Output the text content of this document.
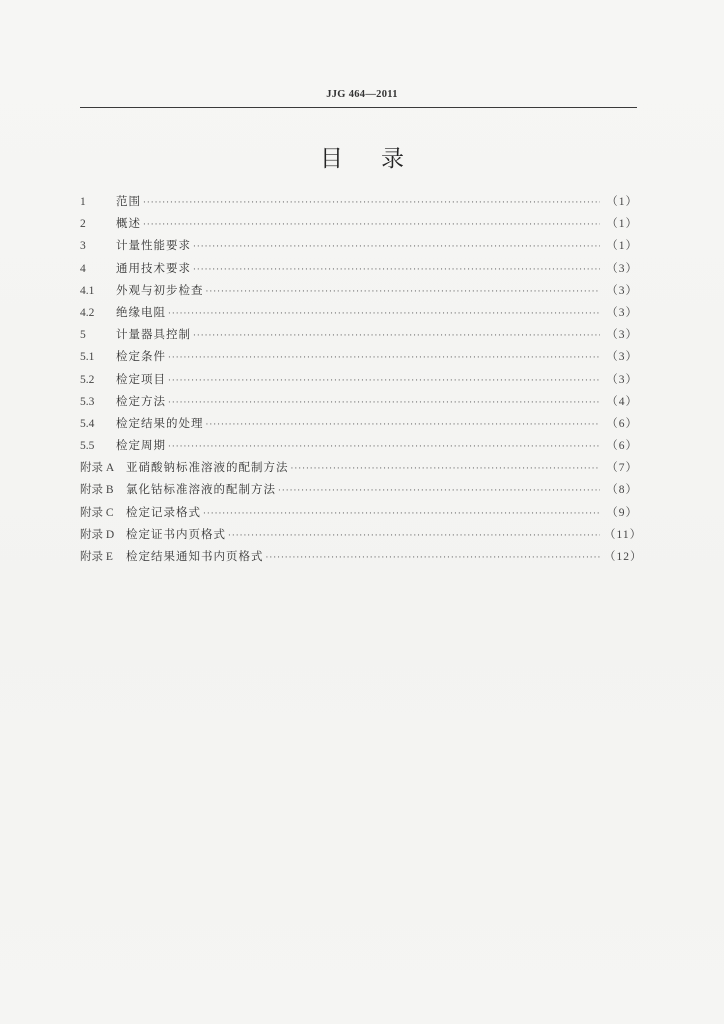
JJG 464—2011
目录
1	范围 ·····	（1）
2	概述 ·····	（1）
3	计量性能要求 ·····	（1）
4	通用技术要求 ·····	（3）
4.1	外观与初步检查 ·····	（3）
4.2	绝缘电阻 ·····	（3）
5	计量器具控制 ·····	（3）
5.1	检定条件 ·····	（3）
5.2	检定项目 ·····	（3）
5.3	检定方法 ·····	（4）
5.4	检定结果的处理 ·····	（6）
5.5	检定周期 ·····	（6）
附录 A	亚硝酸钠标准溶液的配制方法 ·····	（7）
附录 B	氯化钴标准溶液的配制方法 ·····	（8）
附录 C	检定记录格式 ·····	（9）
附录 D	检定证书内页格式 ·····	（11）
附录 E	检定结果通知书内页格式 ·····	（12）
